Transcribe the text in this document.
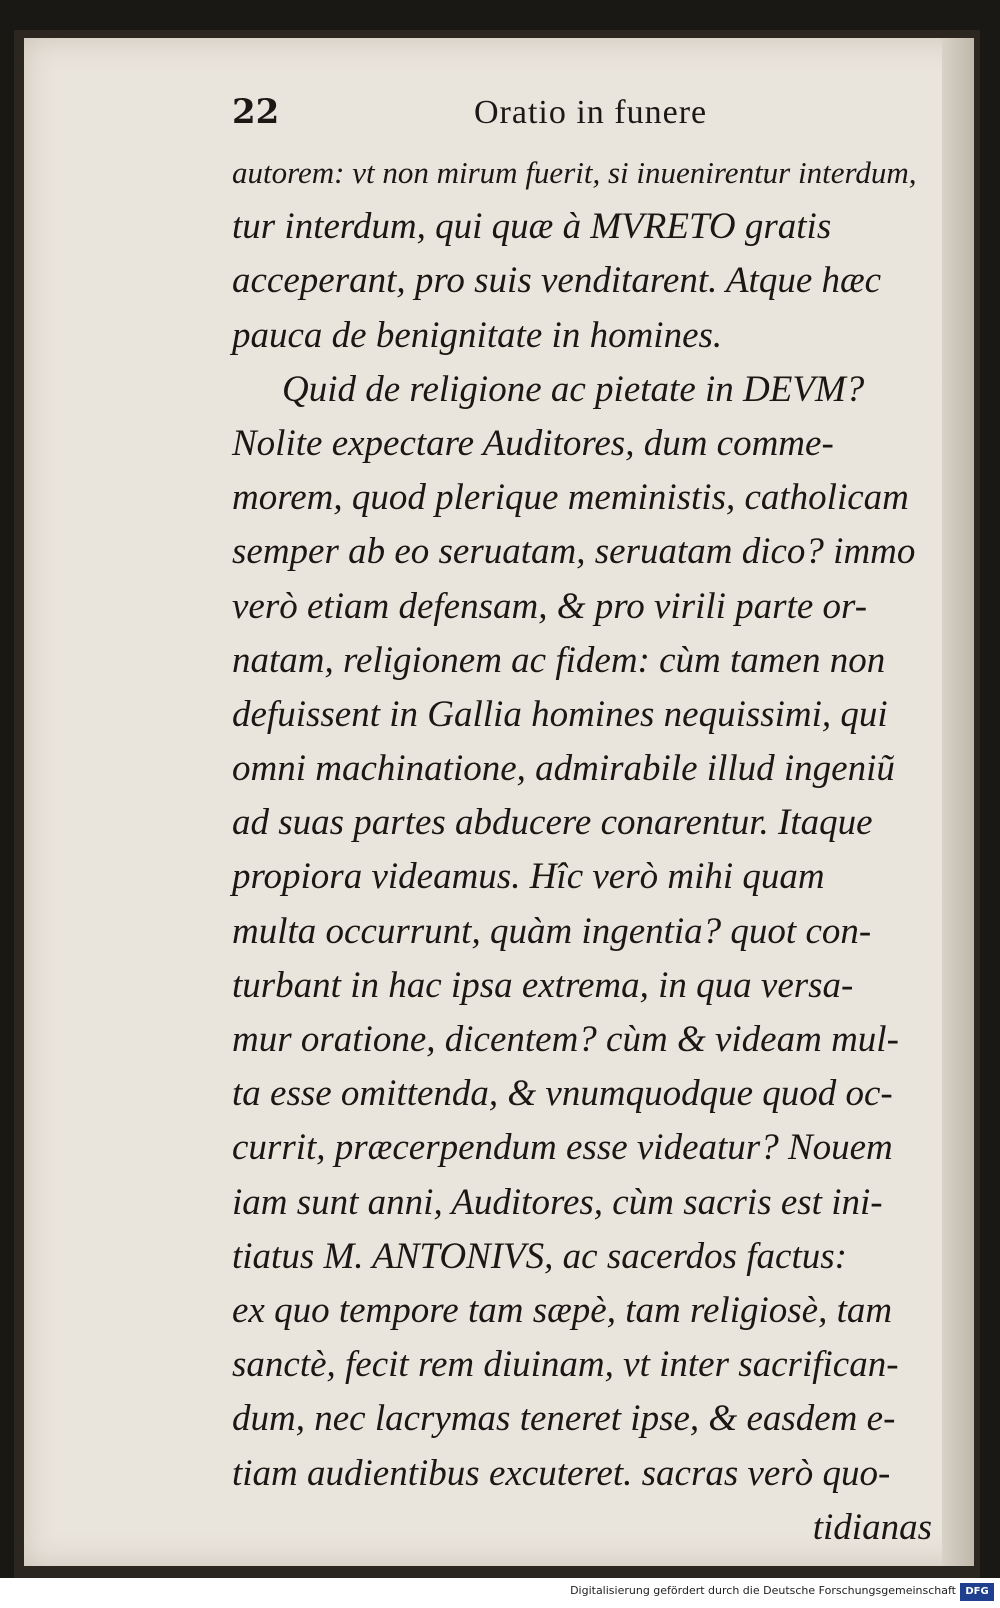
22	Oratio in funere
autorem: vt non mirum fuerit, si inuenirentur interdum,
tur interdum, qui quæ à MVRETO gratis
acceperant, pro suis venditarent. Atque hæc
pauca de benignitate in homines.
Quid de religione ac pietate in DEVM?
Nolite expectare Auditores, dum comme-
morem, quod plerique meministis, catholicam
semper ab eo seruatam, seruatam dico? immo
verò etiam defensam, & pro virili parte or-
natam, religionem ac fidem: cùm tamen non
defuissent in Gallia homines nequissimi, qui
omni machinatione, admirabile illud ingeniũ
ad suas partes abducere conarentur. Itaque
propiora videamus. Hîc verò mihi quam
multa occurrunt, quàm ingentia? quot con-
turbant in hac ipsa extrema, in qua versa-
mur oratione, dicentem? cùm & videam mul-
ta esse omittenda, & vnumquodque quod oc-
currit, præcerpendum esse videatur? Nouem
iam sunt anni, Auditores, cùm sacris est ini-
tiatus M. ANTONIVS, ac sacerdos factus:
ex quo tempore tam sæpè, tam religiosè, tam
sanctè, fecit rem diuinam, vt inter sacrifican-
dum, nec lacrymas teneret ipse, & easdem e-
tiam audientibus excuteret. sacras verò quo-
tidianas
Digitalisierung gefördert durch die Deutsche Forschungsgemeinschaft DFG
